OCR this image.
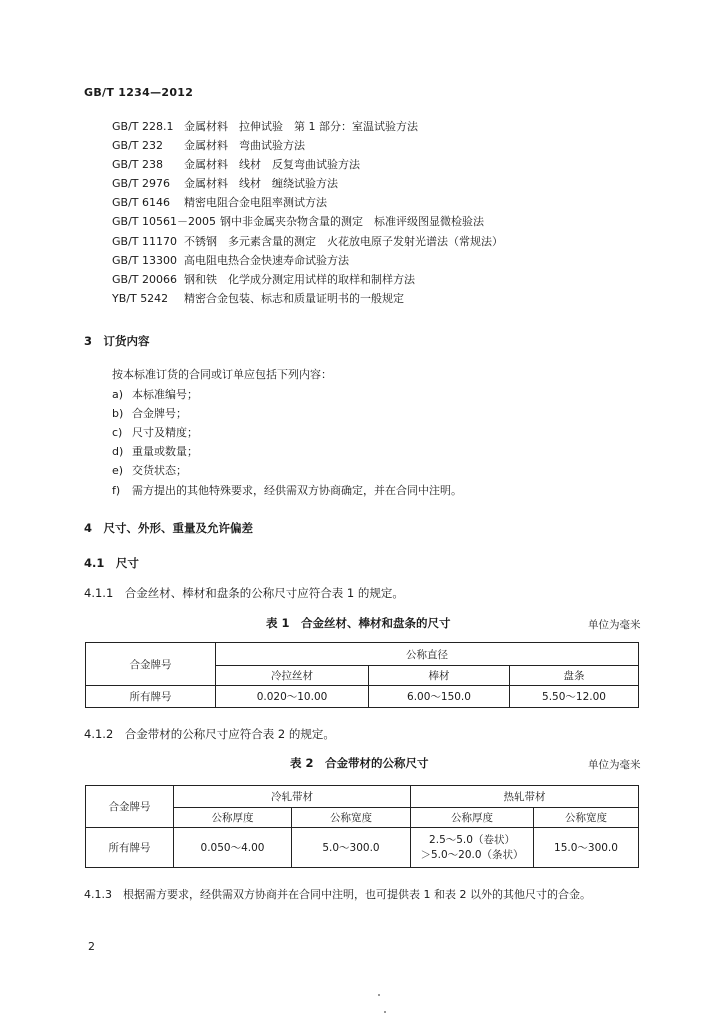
GB/T 1234—2012
GB/T 228.1 金属材料　拉伸试验　第 1 部分：室温试验方法
GB/T 232 金属材料　弯曲试验方法
GB/T 238 金属材料　线材　反复弯曲试验方法
GB/T 2976 金属材料　线材　缠绕试验方法
GB/T 6146 精密电阻合金电阻率测试方法
GB/T 10561－2005 钢中非金属夹杂物含量的测定　标准评级图显微检验法
GB/T 11170 不锈钢　多元素含量的测定　火花放电原子发射光谱法（常规法）
GB/T 13300 高电阻电热合金快速寿命试验方法
GB/T 20066 钢和铁　化学成分测定用试样的取样和制样方法
YB/T 5242 精密合金包装、标志和质量证明书的一般规定
3　订货内容
按本标准订货的合同或订单应包括下列内容：
a) 本标准编号；
b) 合金牌号；
c) 尺寸及精度；
d) 重量或数量；
e) 交货状态；
f) 需方提出的其他特殊要求，经供需双方协商确定，并在合同中注明。
4　尺寸、外形、重量及允许偏差
4.1　尺寸
4.1.1　合金丝材、棒材和盘条的公称尺寸应符合表 1 的规定。
表 1　合金丝材、棒材和盘条的尺寸	单位为毫米
合金牌号	公称直径		
	冷拉丝材	棒材	盘条
所有牌号	0.020～10.00	6.00～150.0	5.50～12.00
4.1.2　合金带材的公称尺寸应符合表 2 的规定。
表 2　合金带材的公称尺寸	单位为毫米
合金牌号	冷轧带材		热轧带材	
	公称厚度	公称宽度	公称厚度	公称宽度
所有牌号	0.050～4.00	5.0～300.0	2.5～5.0（卷状）
＞5.0～20.0（条状）	15.0～300.0
4.1.3　根据需方要求，经供需双方协商并在合同中注明，也可提供表 1 和表 2 以外的其他尺寸的合金。
2
